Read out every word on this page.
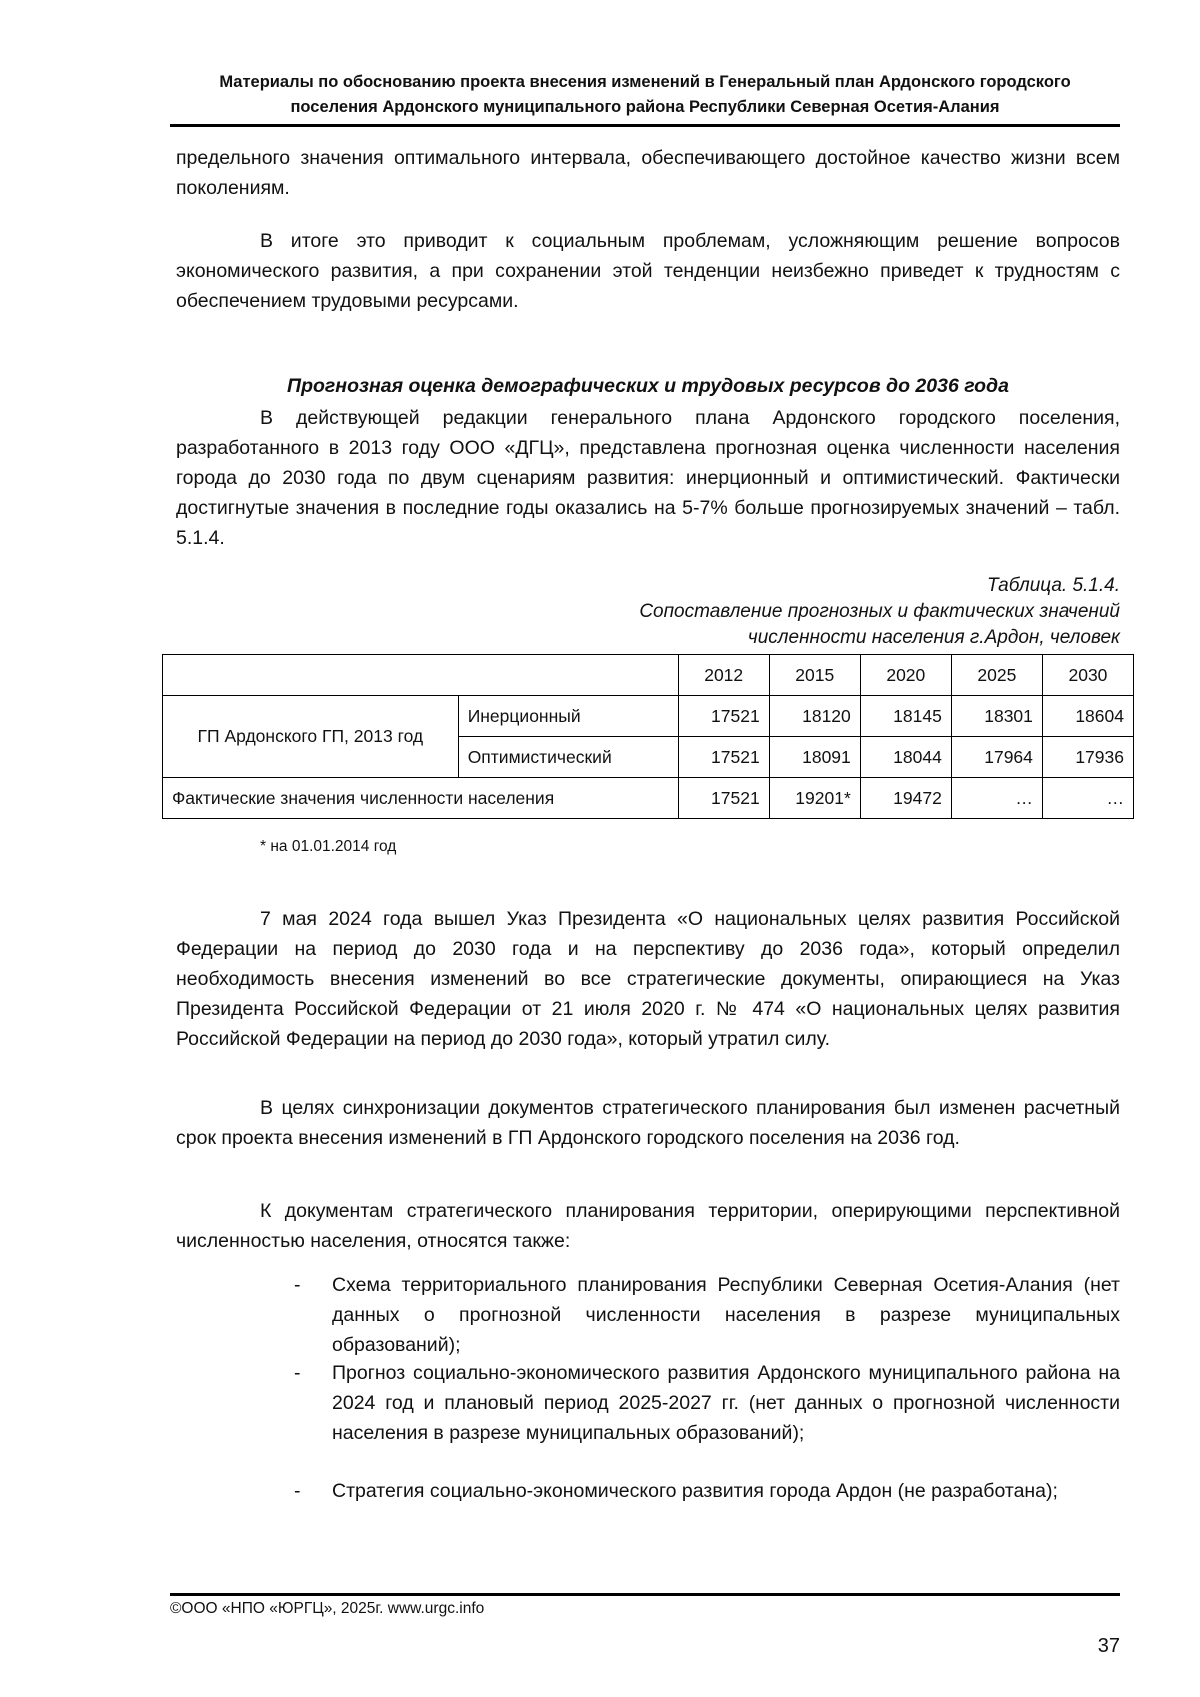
Материалы по обоснованию проекта внесения изменений в Генеральный план Ардонского городского
поселения Ардонского муниципального района Республики Северная Осетия-Алания
предельного значения оптимального интервала, обеспечивающего достойное качество жизни всем поколениям.
В итоге это приводит к социальным проблемам, усложняющим решение вопросов экономического развития, а при сохранении этой тенденции неизбежно приведет к трудностям с обеспечением трудовыми ресурсами.
Прогнозная оценка демографических и трудовых ресурсов до 2036 года
В действующей редакции генерального плана Ардонского городского поселения, разработанного в 2013 году ООО «ДГЦ», представлена прогнозная оценка численности населения города до 2030 года по двум сценариям развития: инерционный и оптимистический. Фактически достигнутые значения в последние годы оказались на 5-7% больше прогнозируемых значений – табл. 5.1.4.
Таблица. 5.1.4.
Сопоставление прогнозных и фактических значений
численности населения г.Ардон, человек
		2012	2015	2020	2025	2030
ГП Ардонского ГП, 2013 год	Инерционный	17521	18120	18145	18301	18604
	Оптимистический	17521	18091	18044	17964	17936
Фактические значения численности населения		17521	19201*	19472	…	…
* на 01.01.2014 год
7 мая 2024 года вышел Указ Президента «О национальных целях развития Российской Федерации на период до 2030 года и на перспективу до 2036 года», который определил необходимость внесения изменений во все стратегические документы, опирающиеся на Указ Президента Российской Федерации от 21 июля 2020 г. № 474 «О национальных целях развития Российской Федерации на период до 2030 года», который утратил силу.
В целях синхронизации документов стратегического планирования был изменен расчетный срок проекта внесения изменений в ГП Ардонского городского поселения на 2036 год.
К документам стратегического планирования территории, оперирующими перспективной численностью населения, относятся также:
-	Схема территориального планирования Республики Северная Осетия-Алания (нет данных о прогнозной численности населения в разрезе муниципальных образований);
-	Прогноз социально-экономического развития Ардонского муниципального района на 2024 год и плановый период 2025-2027 гг. (нет данных о прогнозной численности населения в разрезе муниципальных образований);
-	Стратегия социально-экономического развития города Ардон (не разработана);
©ООО «НПО «ЮРГЦ», 2025г. www.urgc.info
37
